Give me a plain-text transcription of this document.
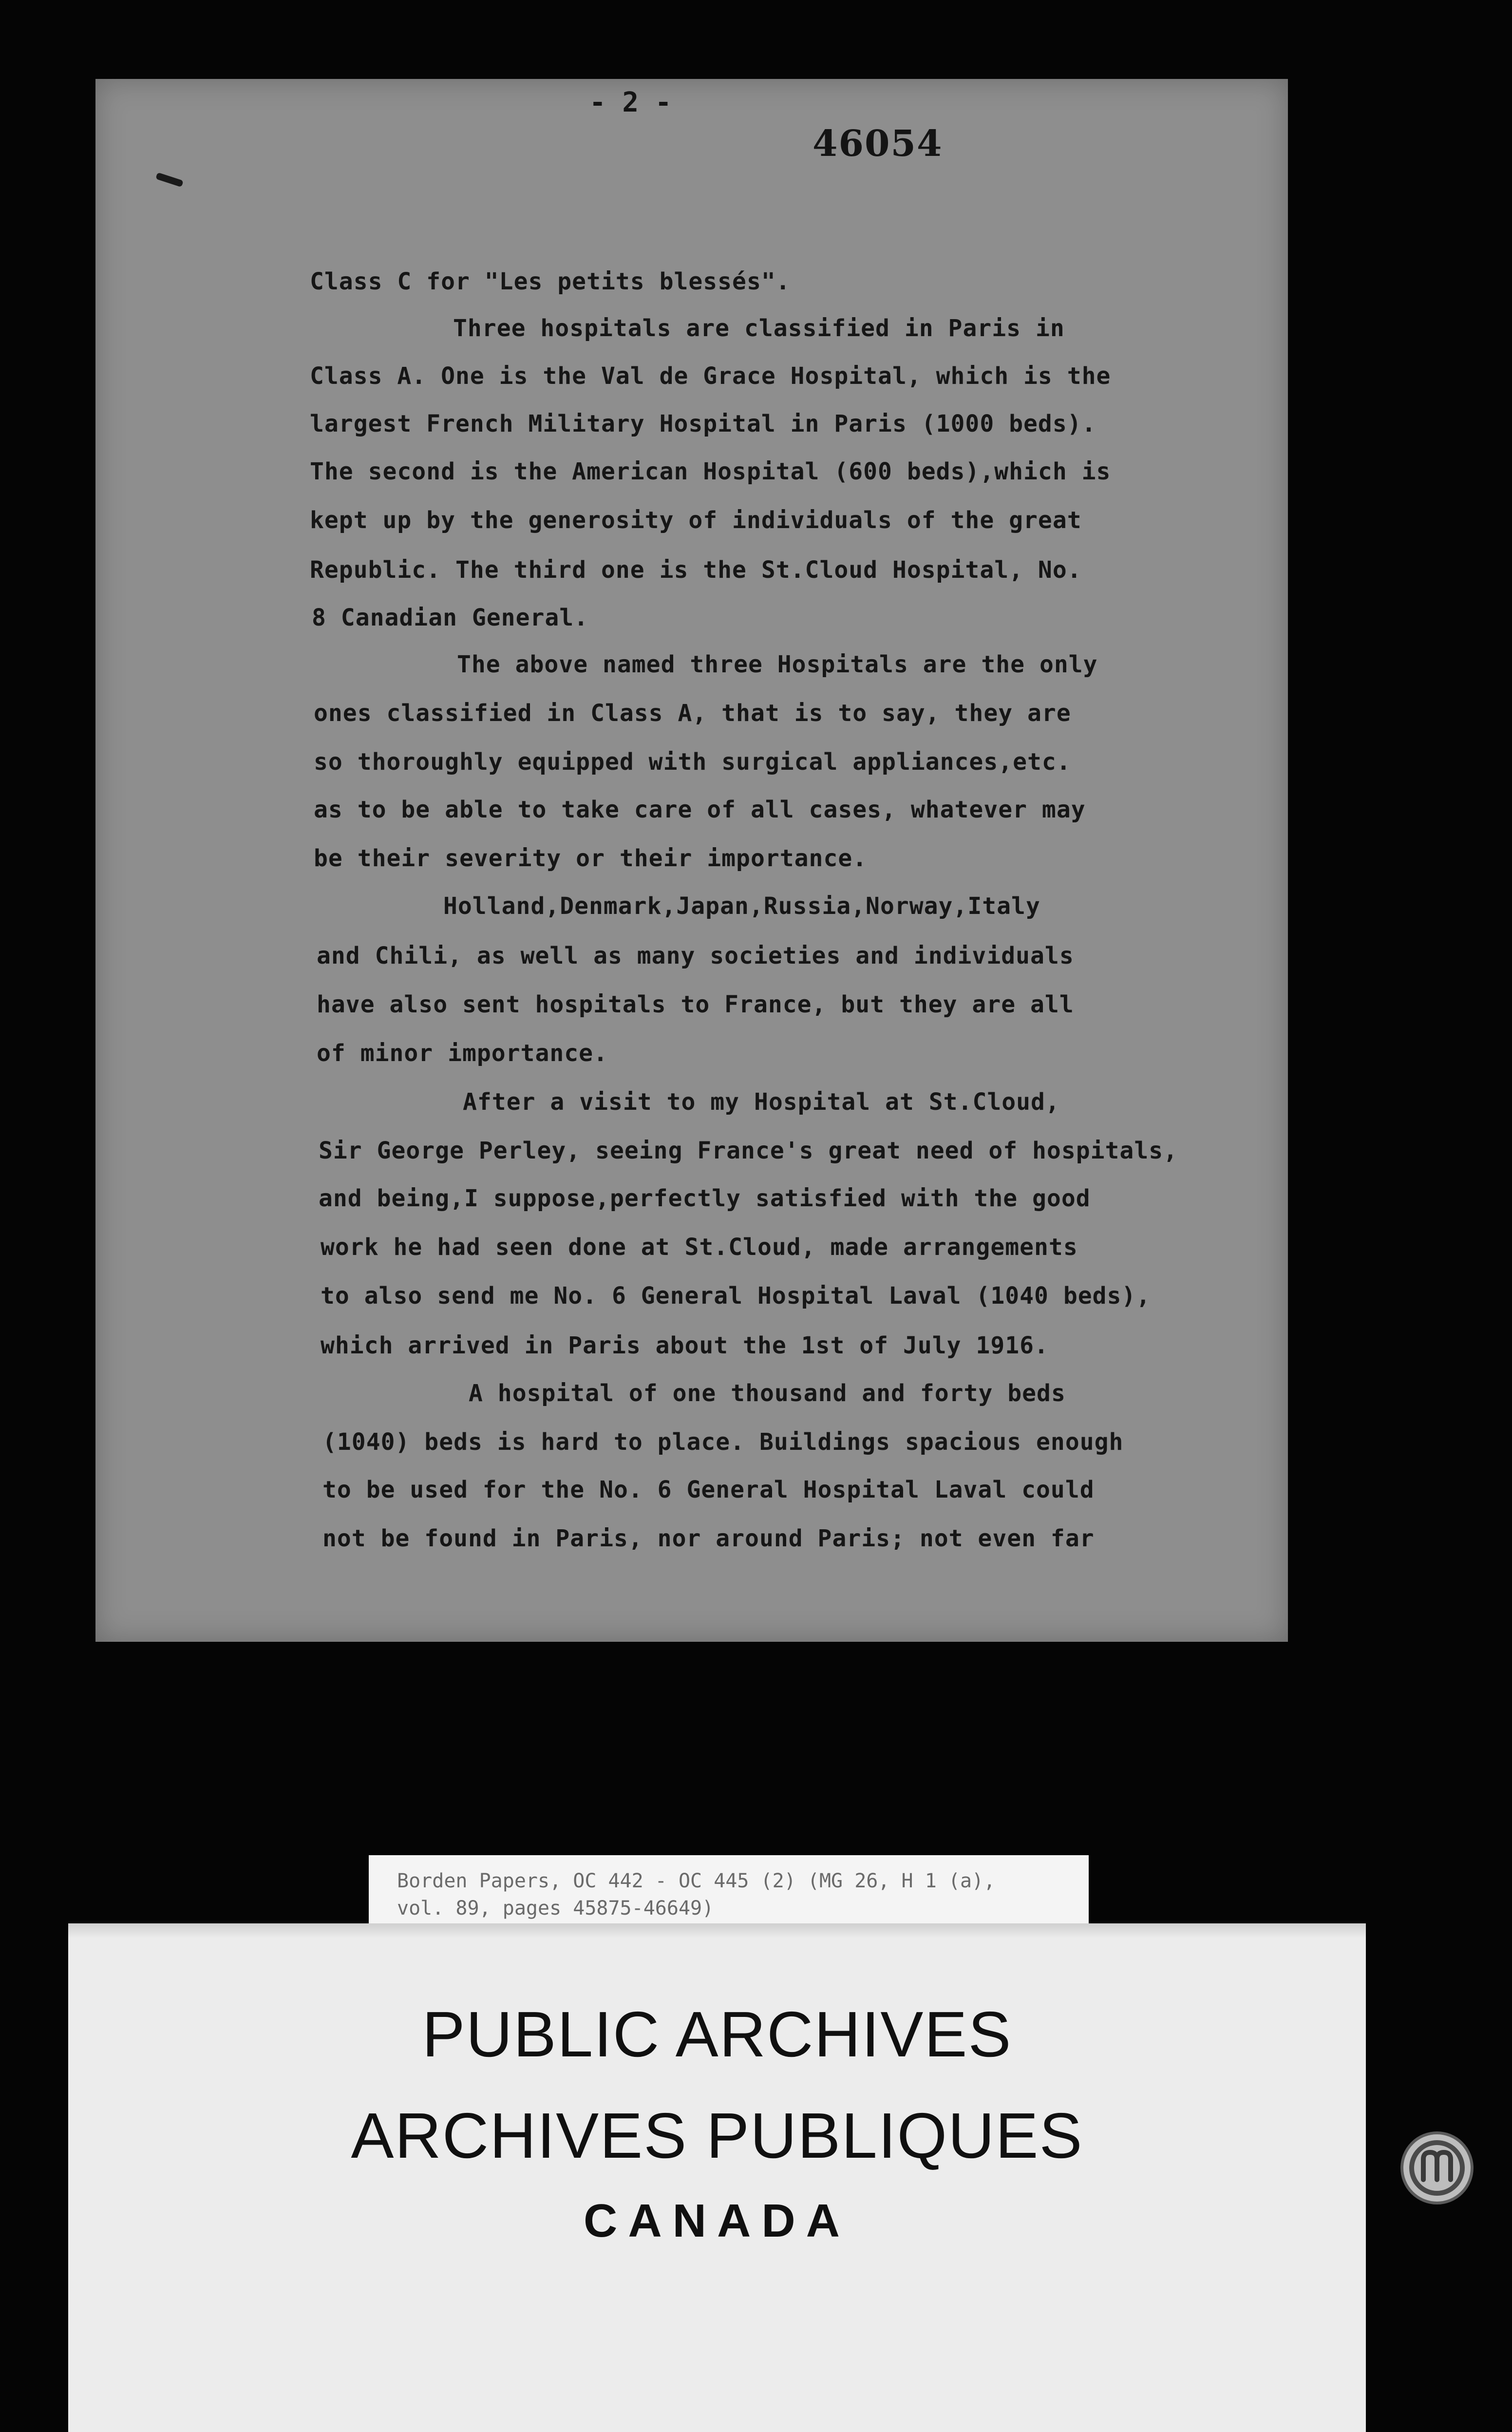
- 2 -
46054
Class C for "Les petits blessés".
Three hospitals are classified in Paris in
Class A. One is the Val de Grace Hospital, which is the
largest French Military Hospital in Paris (1000 beds).
The second is the American Hospital (600 beds),which is
kept up by the generosity of individuals of the great
Republic. The third one is the St.Cloud Hospital, No.
8 Canadian General.
The above named three Hospitals are the only
ones classified in Class A, that is to say, they are
so thoroughly equipped with surgical appliances,etc.
as to be able to take care of all cases, whatever may
be their severity or their importance.
Holland,Denmark,Japan,Russia,Norway,Italy
and Chili, as well as many societies and individuals
have also sent hospitals to France, but they are all
of minor importance.
After a visit to my Hospital at St.Cloud,
Sir George Perley, seeing France's great need of hospitals,
and being,I suppose,perfectly satisfied with the good
work he had seen done at St.Cloud, made arrangements
to also send me No. 6 General Hospital Laval (1040 beds),
which arrived in Paris about the 1st of July 1916.
A hospital of one thousand and forty beds
(1040) beds is hard to place. Buildings spacious enough
to be used for the No. 6 General Hospital Laval could
not be found in Paris, nor around Paris; not even far
Borden Papers, OC 442 - OC 445 (2) (MG 26, H 1 (a),
vol. 89, pages 45875-46649)
PUBLIC ARCHIVES
ARCHIVES PUBLIQUES
CANADA
